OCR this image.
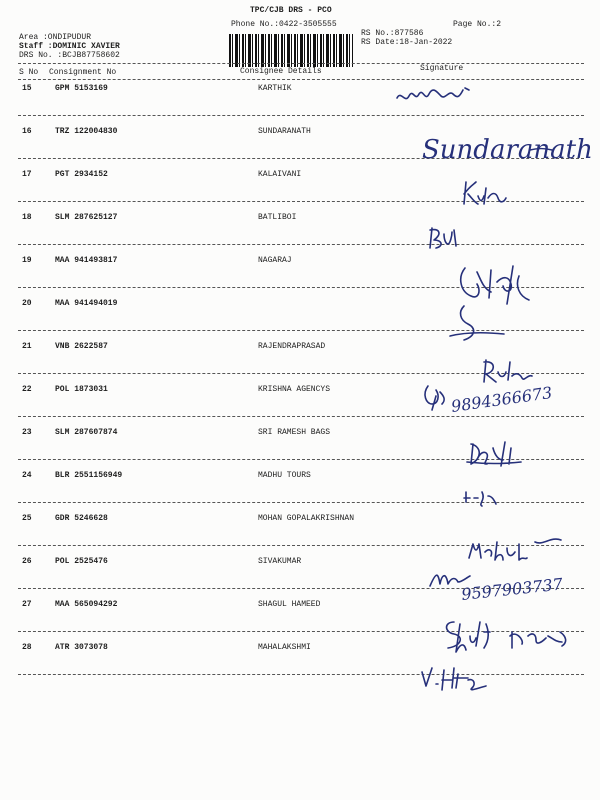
TPC/CJB DRS - PCO
Phone No.:0422-3505555	Page No.:2
RS No.:877586
RS Date:18-Jan-2022
Area :ONDIPUDUR
Staff :DOMINIC XAVIER
DRS No. :BCJB87758602
S No Consignment No	Consignee Details	Signature
15	GPM 5153169	KARTHIK
16	TRZ 122004830	SUNDARANATH
17	PGT 2934152	KALAIVANI
18	SLM 287625127	BATLIBOI
19	MAA 941493817	NAGARAJ
20	MAA 941494019
21	VNB 2622587	RAJENDRAPRASAD
22	POL 1873031	KRISHNA AGENCYS
23	SLM 287607874	SRI RAMESH BAGS
24	BLR 2551156949	MADHU TOURS
25	GDR 5246628	MOHAN GOPALAKRISHNAN
26	POL 2525476	SIVAKUMAR
27	MAA 565094292	SHAGUL HAMEED
28	ATR 3073078	MAHALAKSHMI
Sundaranath
9894366673
9597903737
